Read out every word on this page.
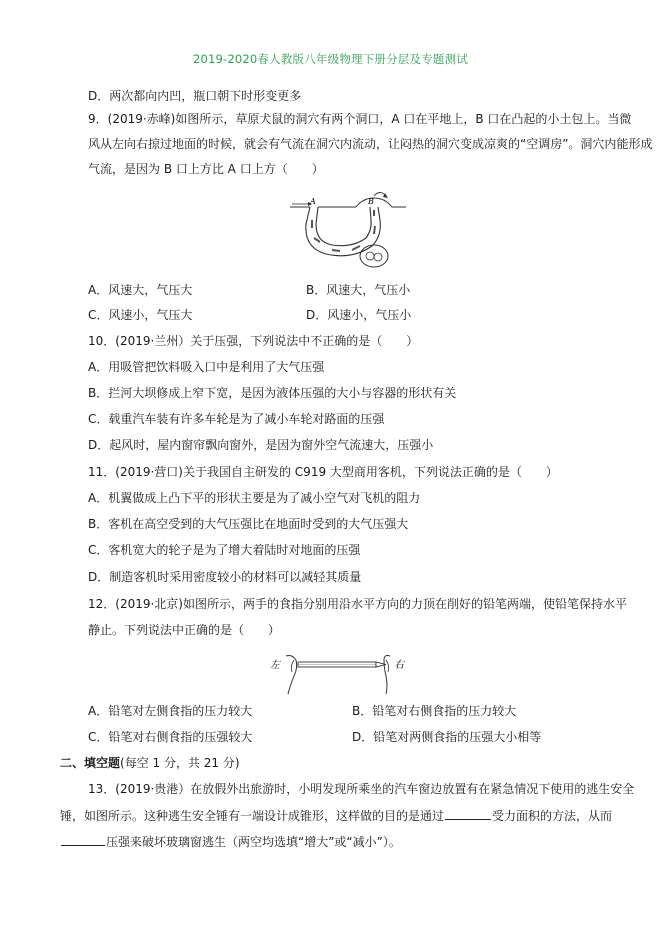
2019-2020春人教版八年级物理下册分层及专题测试
D．两次都向内凹，瓶口朝下时形变更多
9．(2019·赤峰)如图所示，草原犬鼠的洞穴有两个洞口，A 口在平地上，B 口在凸起的小土包上。当微
风从左向右掠过地面的时候，就会有气流在洞穴内流动，让闷热的洞穴变成凉爽的“空调房”。洞穴内能形成
气流，是因为 B 口上方比 A 口上方（　　）
A	B
A．风速大，气压大	B．风速大，气压小
C．风速小，气压大	D．风速小，气压小
10．(2019·兰州）关于压强，下列说法中不正确的是（　　）
A．用吸管把饮料吸入口中是利用了大气压强
B．拦河大坝修成上窄下宽，是因为液体压强的大小与容器的形状有关
C．载重汽车装有许多车轮是为了减小车轮对路面的压强
D．起风时，屋内窗帘飘向窗外，是因为窗外空气流速大，压强小
11．(2019·营口)关于我国自主研发的 C919 大型商用客机，下列说法正确的是（　　）
A．机翼做成上凸下平的形状主要是为了减小空气对飞机的阻力
B．客机在高空受到的大气压强比在地面时受到的大气压强大
C．客机宽大的轮子是为了增大着陆时对地面的压强
D．制造客机时采用密度较小的材料可以减轻其质量
12．(2019·北京)如图所示，两手的食指分别用沿水平方向的力顶在削好的铅笔两端，使铅笔保持水平
静止。下列说法中正确的是（　　）
左	右
A．铅笔对左侧食指的压力较大	B．铅笔对右侧食指的压力较大
C．铅笔对右侧食指的压强较大	D．铅笔对两侧食指的压强大小相等
二、填空题(每空 1 分，共 21 分)
13．(2019·贵港）在放假外出旅游时，小明发现所乘坐的汽车窗边放置有在紧急情况下使用的逃生安全
锤，如图所示。这种逃生安全锤有一端设计成锥形，这样做的目的是通过	受力面积的方法，从而
压强来破坏玻璃窗逃生（两空均选填“增大”或“减小”）。
